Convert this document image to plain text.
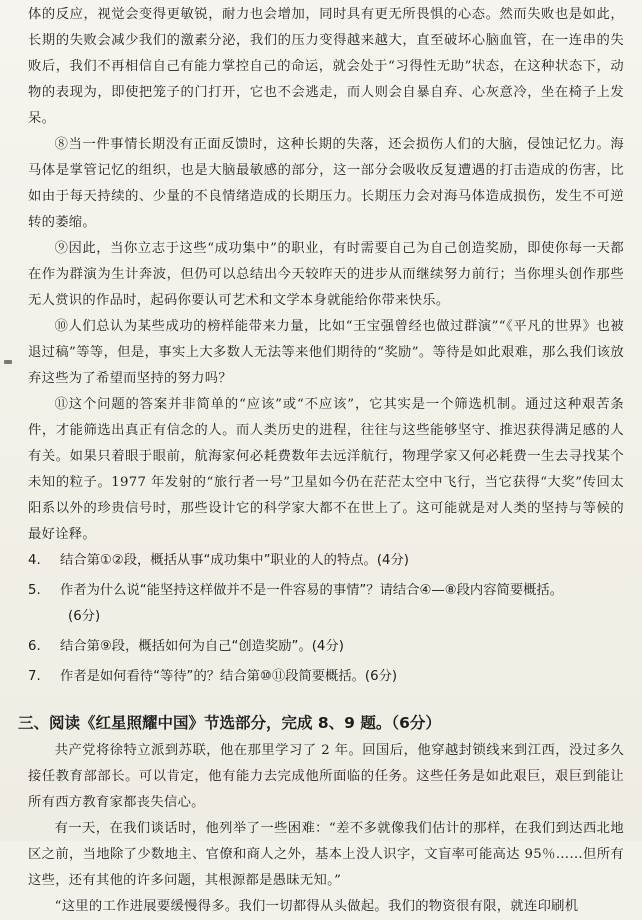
体的反应，视觉会变得更敏锐，耐力也会增加，同时具有更无所畏惧的心态。然而失败也是如此，长期的失败会减少我们的激素分泌，我们的压力变得越来越大，直至破坏心脑血管，在一连串的失败后，我们不再相信自己有能力掌控自己的命运，就会处于“习得性无助”状态，在这种状态下，动物的表现为，即使把笼子的门打开，它也不会逃走，而人则会自暴自弃、心灰意冷，坐在椅子上发呆。

⑧当一件事情长期没有正面反馈时，这种长期的失落，还会损伤人们的大脑，侵蚀记忆力。海马体是掌管记忆的组织，也是大脑最敏感的部分，这一部分会吸收反复遭遇的打击造成的伤害，比如由于每天持续的、少量的不良情绪造成的长期压力。长期压力会对海马体造成损伤，发生不可逆转的萎缩。

⑨因此，当你立志于这些“成功集中”的职业，有时需要自己为自己创造奖励，即使你每一天都在作为群演为生计奔波，但仍可以总结出今天较昨天的进步从而继续努力前行；当你埋头创作那些无人赏识的作品时，起码你要认可艺术和文学本身就能给你带来快乐。

⑩人们总认为某些成功的榜样能带来力量，比如“王宝强曾经也做过群演”“《平凡的世界》也被退过稿”等等，但是，事实上大多数人无法等来他们期待的“奖励”。等待是如此艰难，那么我们该放弃这些为了希望而坚持的努力吗？

⑪这个问题的答案并非简单的“应该”或“不应该”，它其实是一个筛选机制。通过这种艰苦条件，才能筛选出真正有信念的人。而人类历史的进程，往往与这些能够坚守、推迟获得满足感的人有关。如果只着眼于眼前，航海家何必耗费数年去远洋航行，物理学家又何必耗费一生去寻找某个未知的粒子。1977 年发射的“旅行者一号”卫星如今仍在茫茫太空中飞行，当它获得“大奖”传回太阳系以外的珍贵信号时，那些设计它的科学家大都不在世上了。这可能就是对人类的坚持与等候的最好诠释。

4.	结合第①②段，概括从事“成功集中”职业的人的特点。(4分)
5.	作者为什么说“能坚持这样做并不是一件容易的事情”？请结合④—⑧段内容简要概括。
(6分)
6.	结合第⑨段，概括如何为自己“创造奖励”。(4分)
7.	作者是如何看待“等待”的？结合第⑩⑪段简要概括。(6分)
三、阅读《红星照耀中国》节选部分，完成 8、9 题。（6分）

共产党将徐特立派到苏联，他在那里学习了 2 年。回国后，他穿越封锁线来到江西，没过多久接任教育部部长。可以肯定，他有能力去完成他所面临的任务。这些任务是如此艰巨，艰巨到能让所有西方教育家都丧失信心。

有一天，在我们谈话时，他列举了一些困难：“差不多就像我们估计的那样，在我们到达西北地区之前，当地除了少数地主、官僚和商人之外，基本上没人识字，文盲率可能高达 95％……但所有这些，还有其他的许多问题，其根源都是愚昧无知。”

“这里的工作进展要缓慢得多。我们一切都得从头做起。我们的物资很有限，就连印刷机
